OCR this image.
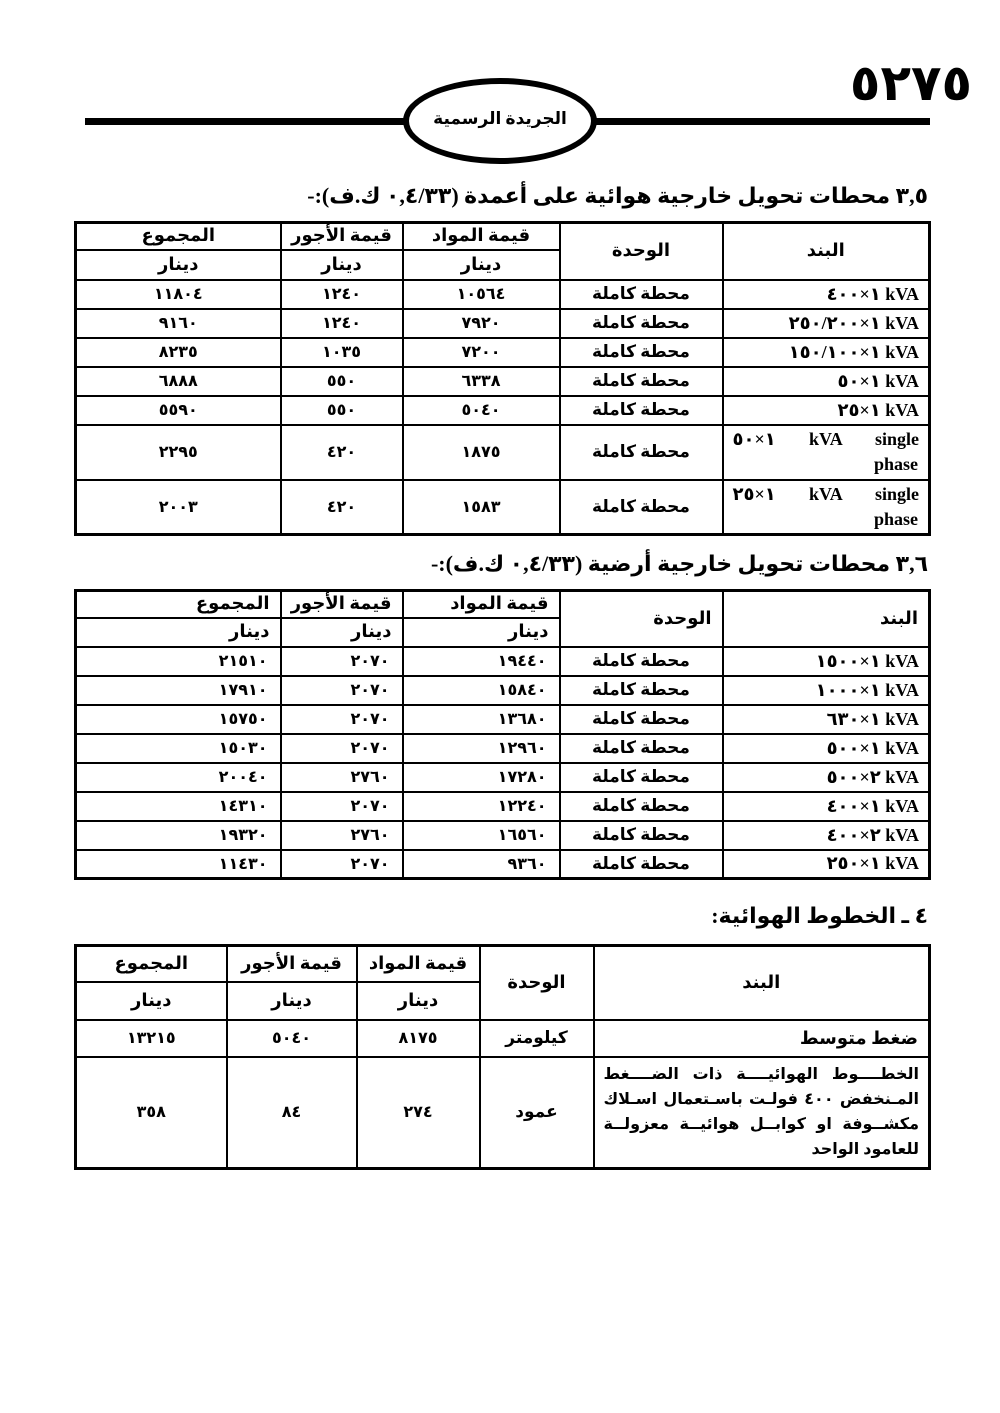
٥٢٧٥
الجريدة الرسمية
٣,٥ محطات تحويل خارجية هوائية على أعمدة (٠,٤/٣٣ ك.ف):-
البند	الوحدة	قيمة المواد	قيمة الأجور	المجموع
		دينار	دينار	دينار

١×٤٠٠ kVA	محطة كاملة	١٠٥٦٤	١٢٤٠	١١٨٠٤

١×٢٥٠/٢٠٠ kVA	محطة كاملة	٧٩٢٠	١٢٤٠	٩١٦٠

١×١٥٠/١٠٠ kVA	محطة كاملة	٧٢٠٠	١٠٣٥	٨٢٣٥

١×٥٠ kVA	محطة كاملة	٦٣٣٨	٥٥٠	٦٨٨٨

١×٢٥ kVA	محطة كاملة	٥٠٤٠	٥٥٠	٥٥٩٠

١×٥٠ kVA single
phase	محطة كاملة	١٨٧٥	٤٢٠	٢٢٩٥

١×٢٥ kVA single
phase	محطة كاملة	١٥٨٣	٤٢٠	٢٠٠٣
٣,٦ محطات تحويل خارجية أرضية (٠,٤/٣٣ ك.ف):-
البند	الوحدة	قيمة المواد	قيمة الأجور	المجموع
		دينار	دينار	دينار

١×١٥٠٠ kVA	محطة كاملة	١٩٤٤٠	٢٠٧٠	٢١٥١٠

١×١٠٠٠ kVA	محطة كاملة	١٥٨٤٠	٢٠٧٠	١٧٩١٠

١×٦٣٠ kVA	محطة كاملة	١٣٦٨٠	٢٠٧٠	١٥٧٥٠

١×٥٠٠ kVA	محطة كاملة	١٢٩٦٠	٢٠٧٠	١٥٠٣٠

٢×٥٠٠ kVA	محطة كاملة	١٧٢٨٠	٢٧٦٠	٢٠٠٤٠

١×٤٠٠ kVA	محطة كاملة	١٢٢٤٠	٢٠٧٠	١٤٣١٠

٢×٤٠٠ kVA	محطة كاملة	١٦٥٦٠	٢٧٦٠	١٩٣٢٠

١×٢٥٠ kVA	محطة كاملة	٩٣٦٠	٢٠٧٠	١١٤٣٠
٤ ـ الخطوط الهوائية:
البند	الوحدة	قيمة المواد	قيمة الأجور	المجموع
		دينار	دينار	دينار

ضغط متوسط	كيلومتر	٨١٧٥	٥٠٤٠	١٣٢١٥

الخطــــوط الهوائيــــة ذات الضــــغط المـنخفض ٤٠٠ فولـت باسـتعمال اسـلاك مكشــوفة او كوابــل هوائيــة معزولــة للعامود الواحد	عمود	٢٧٤	٨٤	٣٥٨
